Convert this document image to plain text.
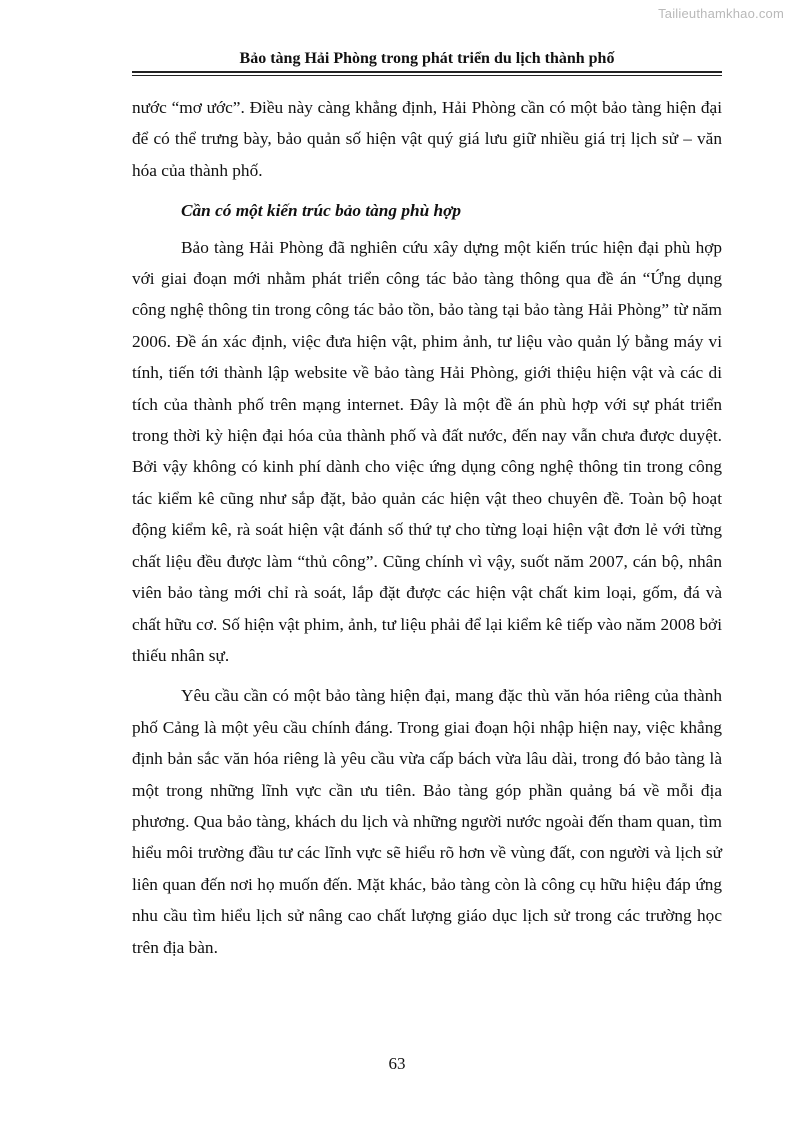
Tailieuthamkhao.com
Bảo tàng Hải Phòng trong phát triển du lịch thành phố

nước “mơ ước”. Điều này càng khẳng định, Hải Phòng cần có một bảo tàng hiện đại để có thể trưng bày, bảo quản số hiện vật quý giá lưu giữ nhiều giá trị lịch sử – văn hóa của thành phố.

Cần có một kiến trúc bảo tàng phù hợp

Bảo tàng Hải Phòng đã nghiên cứu xây dựng một kiến trúc hiện đại phù hợp với giai đoạn mới nhằm phát triển công tác bảo tàng thông qua đề án “Ứng dụng công nghệ thông tin trong công tác bảo tồn, bảo tàng tại bảo tàng Hải Phòng” từ năm 2006. Đề án xác định, việc đưa hiện vật, phim ảnh, tư liệu vào quản lý bằng máy vi tính, tiến tới thành lập website về bảo tàng Hải Phòng, giới thiệu hiện vật và các di tích của thành phố trên mạng internet. Đây là một đề án phù hợp với sự phát triển trong thời kỳ hiện đại hóa của thành phố và đất nước, đến nay vẫn chưa được duyệt. Bởi vậy không có kinh phí dành cho việc ứng dụng công nghệ thông tin trong công tác kiểm kê cũng như sắp đặt, bảo quản các hiện vật theo chuyên đề. Toàn bộ hoạt động kiểm kê, rà soát hiện vật đánh số thứ tự cho từng loại hiện vật đơn lẻ với từng chất liệu đều được làm “thủ công”. Cũng chính vì vậy, suốt năm 2007, cán bộ, nhân viên bảo tàng mới chỉ rà soát, lắp đặt được các hiện vật chất kim loại, gốm, đá và chất hữu cơ. Số hiện vật phim, ảnh, tư liệu phải để lại kiểm kê tiếp vào năm 2008 bởi thiếu nhân sự.

Yêu cầu cần có một bảo tàng hiện đại, mang đặc thù văn hóa riêng của thành phố Cảng là một yêu cầu chính đáng. Trong giai đoạn hội nhập hiện nay, việc khẳng định bản sắc văn hóa riêng là yêu cầu vừa cấp bách vừa lâu dài, trong đó bảo tàng là một trong những lĩnh vực cần ưu tiên. Bảo tàng góp phần quảng bá về mỗi địa phương. Qua bảo tàng, khách du lịch và những người nước ngoài đến tham quan, tìm hiểu môi trường đầu tư các lĩnh vực sẽ hiểu rõ hơn về vùng đất, con người và lịch sử liên quan đến nơi họ muốn đến. Mặt khác, bảo tàng còn là công cụ hữu hiệu đáp ứng nhu cầu tìm hiểu lịch sử nâng cao chất lượng giáo dục lịch sử trong các trường học trên địa bàn.

63
